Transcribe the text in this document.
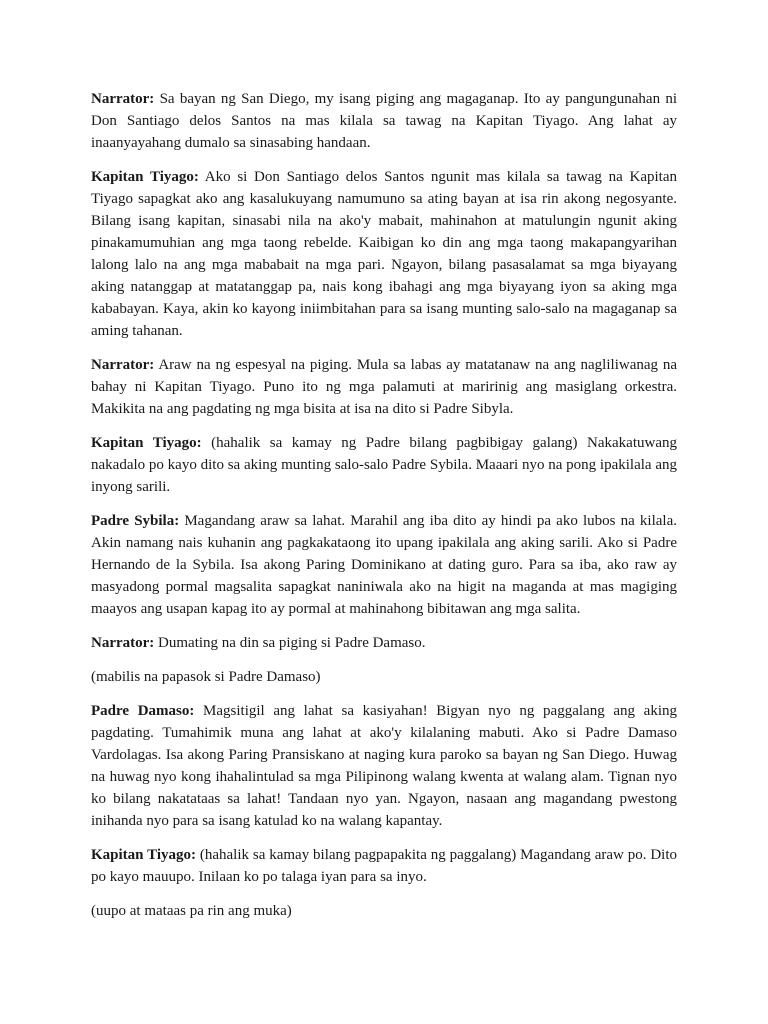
Narrator: Sa bayan ng San Diego, my isang piging ang magaganap. Ito ay pangungunahan ni Don Santiago delos Santos na mas kilala sa tawag na Kapitan Tiyago. Ang lahat ay inaanyayahang dumalo sa sinasabing handaan.

Kapitan Tiyago: Ako si Don Santiago delos Santos ngunit mas kilala sa tawag na Kapitan Tiyago sapagkat ako ang kasalukuyang namumuno sa ating bayan at isa rin akong negosyante. Bilang isang kapitan, sinasabi nila na ako'y mabait, mahinahon at matulungin ngunit aking pinakamumuhian ang mga taong rebelde. Kaibigan ko din ang mga taong makapangyarihan lalong lalo na ang mga mababait na mga pari. Ngayon, bilang pasasalamat sa mga biyayang aking natanggap at matatanggap pa, nais kong ibahagi ang mga biyayang iyon sa aking mga kababayan. Kaya, akin ko kayong iniimbitahan para sa isang munting salo-salo na magaganap sa aming tahanan.

Narrator: Araw na ng espesyal na piging. Mula sa labas ay matatanaw na ang nagliliwanag na bahay ni Kapitan Tiyago. Puno ito ng mga palamuti at maririnig ang masiglang orkestra. Makikita na ang pagdating ng mga bisita at isa na dito si Padre Sibyla.

Kapitan Tiyago: (hahalik sa kamay ng Padre bilang pagbibigay galang) Nakakatuwang nakadalo po kayo dito sa aking munting salo-salo Padre Sybila. Maaari nyo na pong ipakilala ang inyong sarili.

Padre Sybila: Magandang araw sa lahat. Marahil ang iba dito ay hindi pa ako lubos na kilala. Akin namang nais kuhanin ang pagkakataong ito upang ipakilala ang aking sarili. Ako si Padre Hernando de la Sybila. Isa akong Paring Dominikano at dating guro. Para sa iba, ako raw ay masyadong pormal magsalita sapagkat naniniwala ako na higit na maganda at mas magiging maayos ang usapan kapag ito ay pormal at mahinahong bibitawan ang mga salita.

Narrator: Dumating na din sa piging si Padre Damaso.

(mabilis na papasok si Padre Damaso)

Padre Damaso: Magsitigil ang lahat sa kasiyahan! Bigyan nyo ng paggalang ang aking pagdating. Tumahimik muna ang lahat at ako'y kilalaning mabuti. Ako si Padre Damaso Vardolagas. Isa akong Paring Pransiskano at naging kura paroko sa bayan ng San Diego. Huwag na huwag nyo kong ihahalintulad sa mga Pilipinong walang kwenta at walang alam. Tignan nyo ko bilang nakatataas sa lahat! Tandaan nyo yan. Ngayon, nasaan ang magandang pwestong inihanda nyo para sa isang katulad ko na walang kapantay.

Kapitan Tiyago: (hahalik sa kamay bilang pagpapakita ng paggalang) Magandang araw po. Dito po kayo mauupo. Inilaan ko po talaga iyan para sa inyo.

(uupo at mataas pa rin ang muka)
